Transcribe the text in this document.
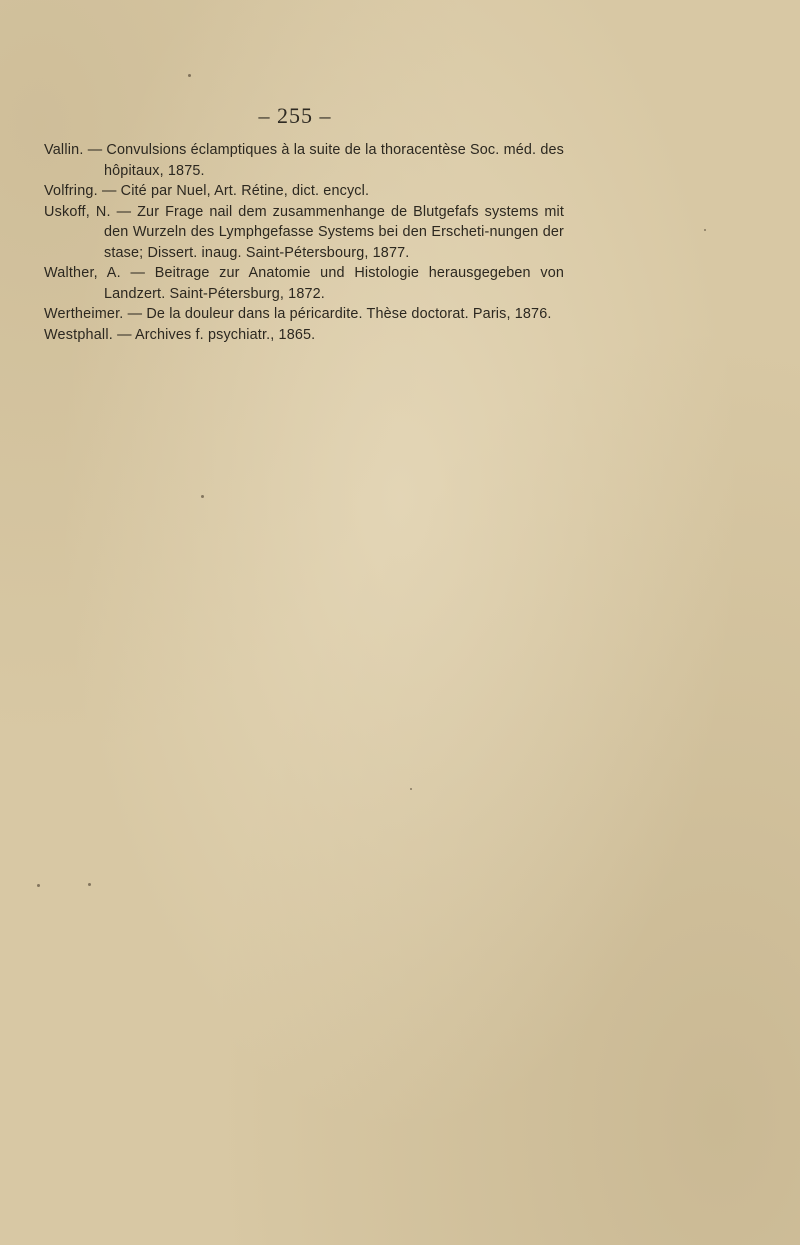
– 255 –
Vallin. — Convulsions éclamptiques à la suite de la thoracentèse Soc. méd. des hôpitaux, 1875.
Volfring. — Cité par Nuel, Art. Rétine, dict. encycl.
Uskoff, N. — Zur Frage nail dem zusammenhange de Blutgefafs systems mit den Wurzeln des Lymphgefasse Systems bei den Erscheti-nungen der stase; Dissert. inaug. Saint-Pétersbourg, 1877.
Walther, A. — Beitrage zur Anatomie und Histologie herausgegeben von Landzert. Saint-Pétersburg, 1872.
Wertheimer. — De la douleur dans la péricardite. Thèse doctorat. Paris, 1876.
Westphall. — Archives f. psychiatr., 1865.
